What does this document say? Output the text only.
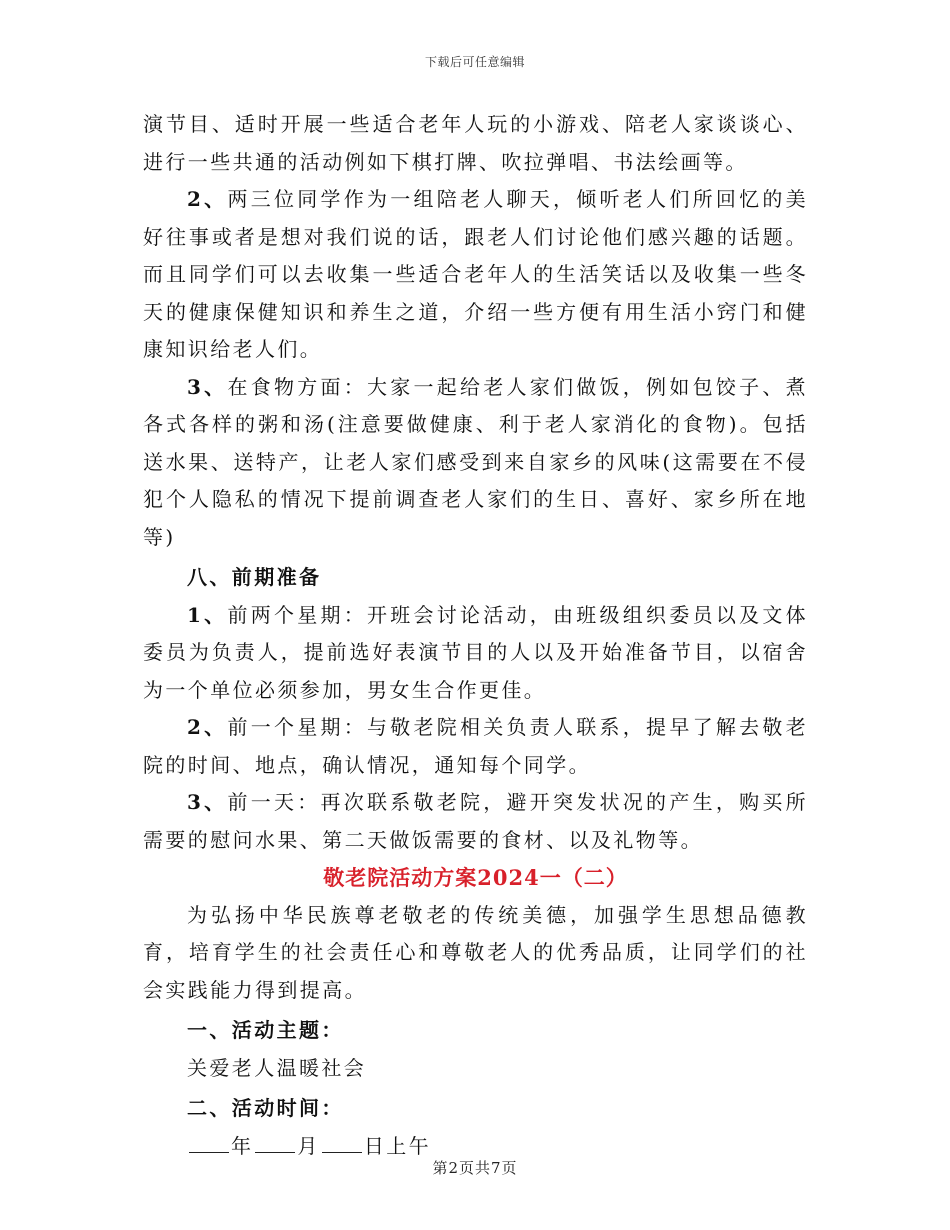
下载后可任意编辑

演节目、适时开展一些适合老年人玩的小游戏、陪老人家谈谈心、进行一些共通的活动例如下棋打牌、吹拉弹唱、书法绘画等。

2、两三位同学作为一组陪老人聊天，倾听老人们所回忆的美好往事或者是想对我们说的话，跟老人们讨论他们感兴趣的话题。而且同学们可以去收集一些适合老年人的生活笑话以及收集一些冬天的健康保健知识和养生之道，介绍一些方便有用生活小窍门和健康知识给老人们。

3、在食物方面：大家一起给老人家们做饭，例如包饺子、煮各式各样的粥和汤(注意要做健康、利于老人家消化的食物)。包括送水果、送特产，让老人家们感受到来自家乡的风味(这需要在不侵犯个人隐私的情况下提前调查老人家们的生日、喜好、家乡所在地等)

八、前期准备

1、前两个星期：开班会讨论活动，由班级组织委员以及文体委员为负责人，提前选好表演节目的人以及开始准备节目，以宿舍为一个单位必须参加，男女生合作更佳。

2、前一个星期：与敬老院相关负责人联系，提早了解去敬老院的时间、地点，确认情况，通知每个同学。

3、前一天：再次联系敬老院，避开突发状况的产生，购买所需要的慰问水果、第二天做饭需要的食材、以及礼物等。

敬老院活动方案2024一（二）

为弘扬中华民族尊老敬老的传统美德，加强学生思想品德教育，培育学生的社会责任心和尊敬老人的优秀品质，让同学们的社会实践能力得到提高。

一、活动主题：

关爱老人温暖社会

二、活动时间：

年 月 日上午

第2页共7页
